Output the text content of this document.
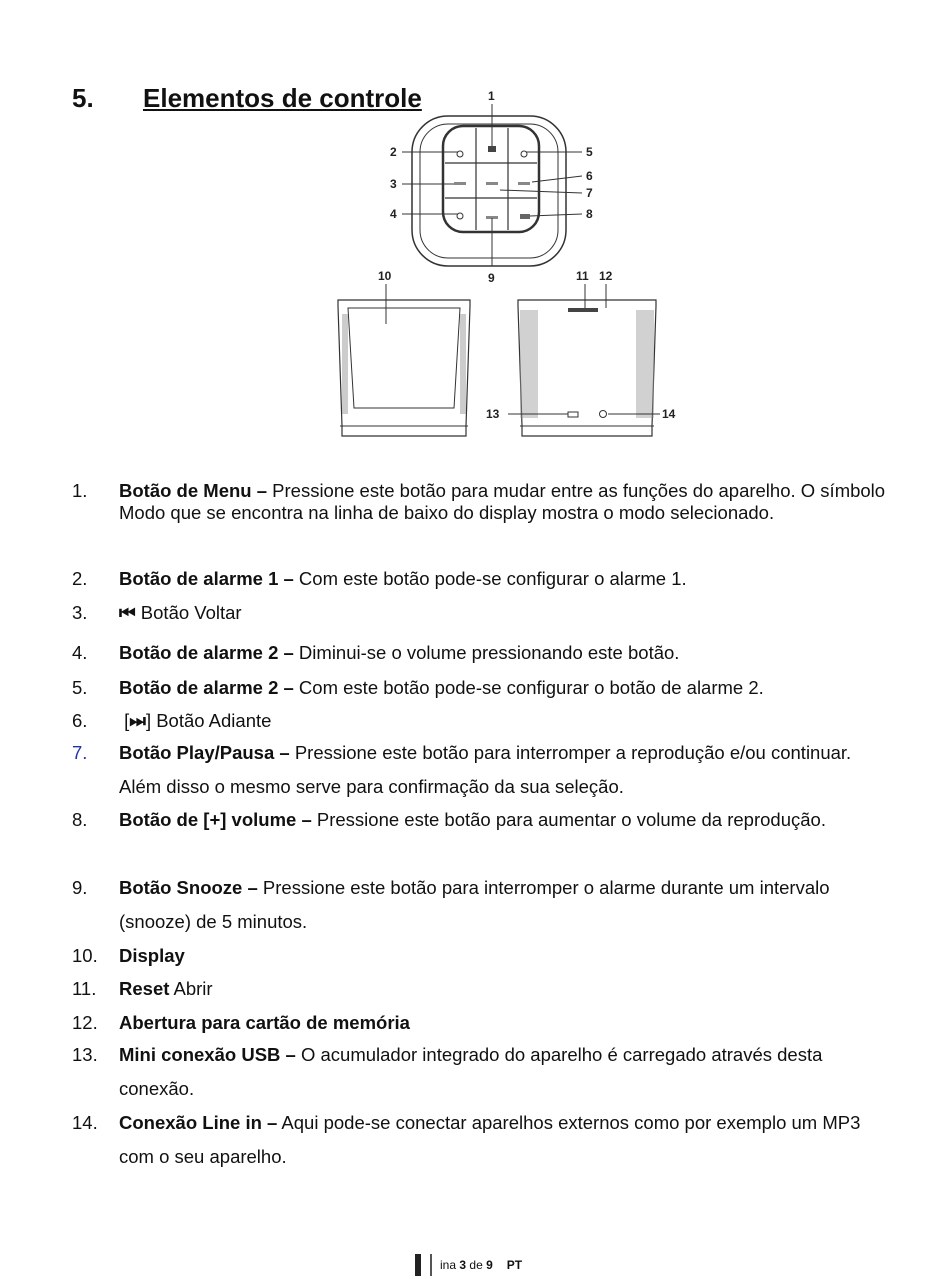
5. Elementos de controle	1
2
3
4
5
6
7
8
9
10	11 12
13	14
1. Botão de Menu – Pressione este botão para mudar entre as funções do aparelho. O símbolo Modo que se encontra na linha de baixo do display mostra o modo selecionado.
2. Botão de alarme 1 – Com este botão pode-se configurar o alarme 1.
3. ⏮ Botão Voltar
4. Botão de alarme 2 – Diminui-se o volume pressionando este botão.
5. Botão de alarme 2 – Com este botão pode-se configurar o botão de alarme 2.
6. [⏭] Botão Adiante
7. Botão Play/Pausa – Pressione este botão para interromper a reprodução e/ou continuar. Além disso o mesmo serve para confirmação da sua seleção.
8. Botão de [+] volume – Pressione este botão para aumentar o volume da reprodução.
9. Botão Snooze – Pressione este botão para interromper o alarme durante um intervalo (snooze) de 5 minutos.
10. Display
11. Reset Abrir
12. Abertura para cartão de memória
13. Mini conexão USB – O acumulador integrado do aparelho é carregado através desta conexão.
14. Conexão Line in – Aqui pode-se conectar aparelhos externos como por exemplo um MP3 com o seu aparelho.
ina 3 de 9 PT
